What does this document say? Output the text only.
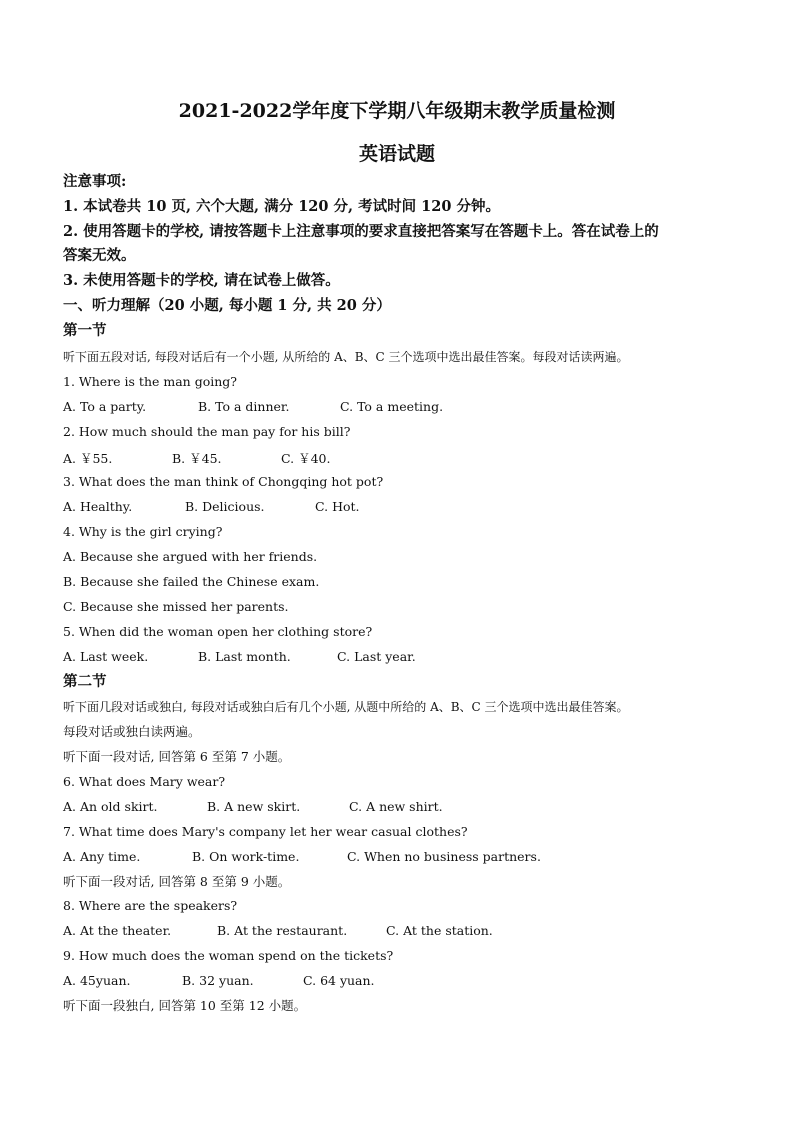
2021-2022学年度下学期八年级期末教学质量检测
英语试题
注意事项:
1. 本试卷共 10 页, 六个大题, 满分 120 分, 考试时间 120 分钟。
2. 使用答题卡的学校, 请按答题卡上注意事项的要求直接把答案写在答题卡上。答在试卷上的
答案无效。
3. 未使用答题卡的学校, 请在试卷上做答。
一、听力理解（20 小题, 每小题 1 分, 共 20 分）
第一节
听下面五段对话, 每段对话后有一个小题, 从所给的 A、B、C 三个选项中选出最佳答案。每段对话读两遍。
1. Where is the man going?
A. To a party.	B. To a dinner.	C. To a meeting.
2. How much should the man pay for his bill?
A. ￥55.	B. ￥45.	C. ￥40.
3. What does the man think of Chongqing hot pot?
A. Healthy.	B. Delicious.	C. Hot.
4. Why is the girl crying?
A. Because she argued with her friends.
B. Because she failed the Chinese exam.
C. Because she missed her parents.
5. When did the woman open her clothing store?
A. Last week.	B. Last month.	C. Last year.
第二节
听下面几段对话或独白, 每段对话或独白后有几个小题, 从题中所给的 A、B、C 三个选项中选出最佳答案。
每段对话或独白读两遍。
听下面一段对话, 回答第 6 至第 7 小题。
6. What does Mary wear?
A. An old skirt.	B. A new skirt.	C. A new shirt.
7. What time does Mary's company let her wear casual clothes?
A. Any time.	B. On work-time.	C. When no business partners.
听下面一段对话, 回答第 8 至第 9 小题。
8. Where are the speakers?
A. At the theater.	B. At the restaurant.	C. At the station.
9. How much does the woman spend on the tickets?
A. 45yuan.	B. 32 yuan.	C. 64 yuan.
听下面一段独白, 回答第 10 至第 12 小题。
